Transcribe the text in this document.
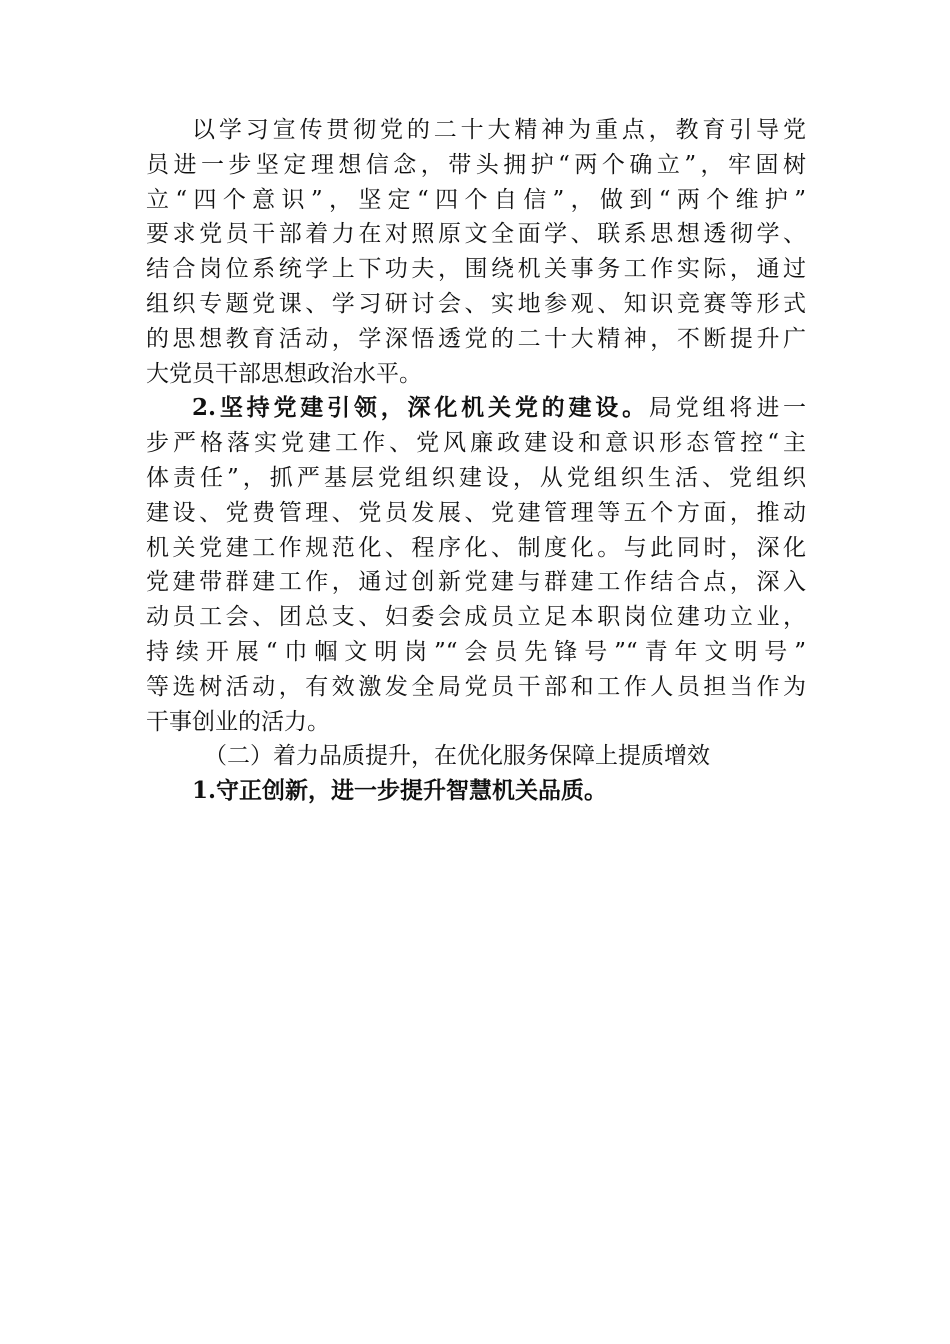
以学习宣传贯彻党的二十大精神为重点，教育引导党
员进一步坚定理想信念，带头拥护“两个确立”，牢固树
立“四个意识”，坚定“四个自信”，做到“两个维护”
要求党员干部着力在对照原文全面学、联系思想透彻学、
结合岗位系统学上下功夫，围绕机关事务工作实际，通过
组织专题党课、学习研讨会、实地参观、知识竞赛等形式
的思想教育活动，学深悟透党的二十大精神，不断提升广
大党员干部思想政治水平。
2.坚持党建引领，深化机关党的建设。局党组将进一
步严格落实党建工作、党风廉政建设和意识形态管控“主
体责任”，抓严基层党组织建设，从党组织生活、党组织
建设、党费管理、党员发展、党建管理等五个方面，推动
机关党建工作规范化、程序化、制度化。与此同时，深化
党建带群建工作，通过创新党建与群建工作结合点，深入
动员工会、团总支、妇委会成员立足本职岗位建功立业，
持续开展“巾帼文明岗”“会员先锋号”“青年文明号”
等选树活动，有效激发全局党员干部和工作人员担当作为
干事创业的活力。
（二）着力品质提升，在优化服务保障上提质增效
1.守正创新，进一步提升智慧机关品质。
